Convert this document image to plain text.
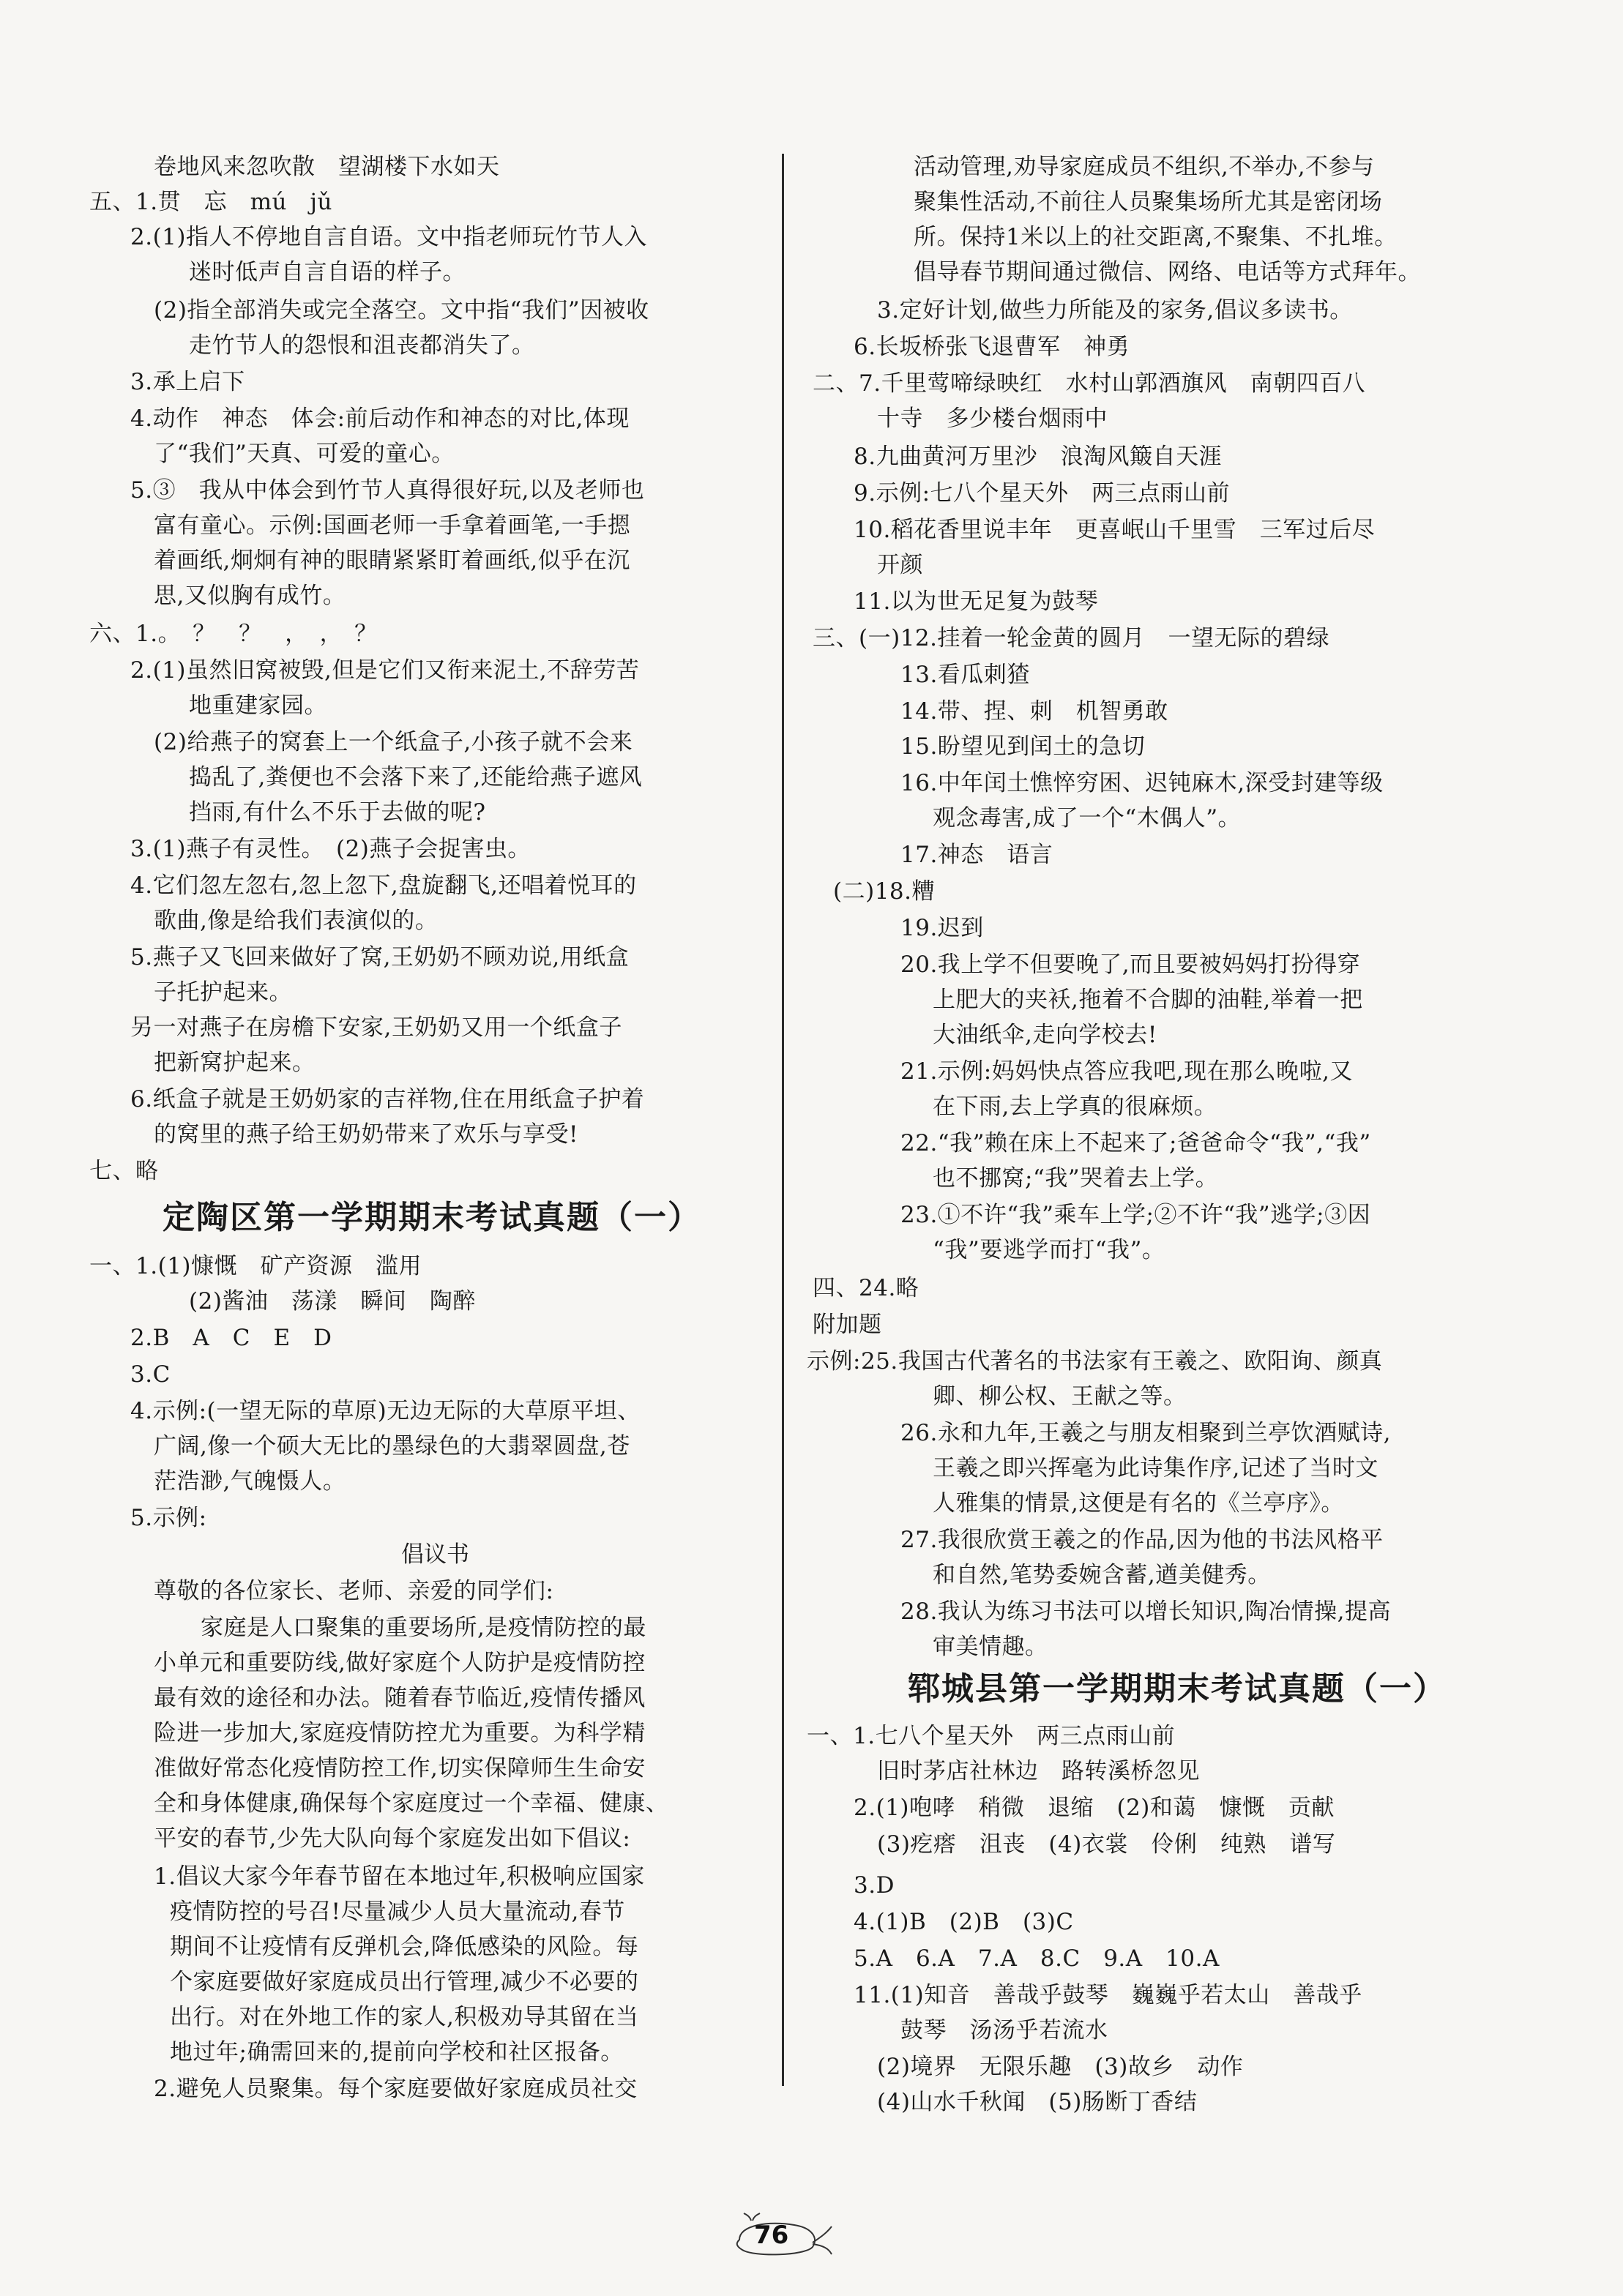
卷地风来忽吹散　望湖楼下水如天
五、1.贯　忘　mú　jǔ
2.(1)指人不停地自言自语。文中指老师玩竹节人入
迷时低声自言自语的样子。
(2)指全部消失或完全落空。文中指“我们”因被收
走竹节人的怨恨和沮丧都消失了。
3.承上启下
4.动作　神态　体会:前后动作和神态的对比,体现
了“我们”天真、可爱的童心。
5.③　我从中体会到竹节人真得很好玩,以及老师也
富有童心。示例:国画老师一手拿着画笔,一手摁
着画纸,炯炯有神的眼睛紧紧盯着画纸,似乎在沉
思,又似胸有成竹。
六、1.。　？　？　，　，　？
2.(1)虽然旧窝被毁,但是它们又衔来泥土,不辞劳苦
地重建家园。
(2)给燕子的窝套上一个纸盒子,小孩子就不会来
捣乱了,粪便也不会落下来了,还能给燕子遮风
挡雨,有什么不乐于去做的呢?
3.(1)燕子有灵性。　(2)燕子会捉害虫。
4.它们忽左忽右,忽上忽下,盘旋翻飞,还唱着悦耳的
歌曲,像是给我们表演似的。
5.燕子又飞回来做好了窝,王奶奶不顾劝说,用纸盒
子托护起来。
另一对燕子在房檐下安家,王奶奶又用一个纸盒子
把新窝护起来。
6.纸盒子就是王奶奶家的吉祥物,住在用纸盒子护着
的窝里的燕子给王奶奶带来了欢乐与享受!
七、略
定陶区第一学期期末考试真题（一）
一、1.(1)慷慨　矿产资源　滥用
(2)酱油　荡漾　瞬间　陶醉
2.B　A　C　E　D
3.C
4.示例:(一望无际的草原)无边无际的大草原平坦、
广阔,像一个硕大无比的墨绿色的大翡翠圆盘,苍
茫浩渺,气魄慑人。
5.示例:
倡议书
尊敬的各位家长、老师、亲爱的同学们:
家庭是人口聚集的重要场所,是疫情防控的最
小单元和重要防线,做好家庭个人防护是疫情防控
最有效的途径和办法。随着春节临近,疫情传播风
险进一步加大,家庭疫情防控尤为重要。为科学精
准做好常态化疫情防控工作,切实保障师生生命安
全和身体健康,确保每个家庭度过一个幸福、健康、
平安的春节,少先大队向每个家庭发出如下倡议:
1.倡议大家今年春节留在本地过年,积极响应国家
疫情防控的号召!尽量减少人员大量流动,春节
期间不让疫情有反弹机会,降低感染的风险。每
个家庭要做好家庭成员出行管理,减少不必要的
出行。对在外地工作的家人,积极劝导其留在当
地过年;确需回来的,提前向学校和社区报备。
2.避免人员聚集。每个家庭要做好家庭成员社交
活动管理,劝导家庭成员不组织,不举办,不参与
聚集性活动,不前往人员聚集场所尤其是密闭场
所。保持1米以上的社交距离,不聚集、不扎堆。
倡导春节期间通过微信、网络、电话等方式拜年。
3.定好计划,做些力所能及的家务,倡议多读书。
6.长坂桥张飞退曹军　神勇
二、7.千里莺啼绿映红　水村山郭酒旗风　南朝四百八
十寺　多少楼台烟雨中
8.九曲黄河万里沙　浪淘风簸自天涯
9.示例:七八个星天外　两三点雨山前
10.稻花香里说丰年　更喜岷山千里雪　三军过后尽
开颜
11.以为世无足复为鼓琴
三、(一)12.挂着一轮金黄的圆月　一望无际的碧绿
13.看瓜刺猹
14.带、捏、刺　机智勇敢
15.盼望见到闰土的急切
16.中年闰土憔悴穷困、迟钝麻木,深受封建等级
观念毒害,成了一个“木偶人”。
17.神态　语言
(二)18.糟
19.迟到
20.我上学不但要晚了,而且要被妈妈打扮得穿
上肥大的夹袄,拖着不合脚的油鞋,举着一把
大油纸伞,走向学校去!
21.示例:妈妈快点答应我吧,现在那么晚啦,又
在下雨,去上学真的很麻烦。
22.“我”赖在床上不起来了;爸爸命令“我”,“我”
也不挪窝;“我”哭着去上学。
23.①不许“我”乘车上学;②不许“我”逃学;③因
“我”要逃学而打“我”。
四、24.略
附加题
示例:25.我国古代著名的书法家有王羲之、欧阳询、颜真
卿、柳公权、王献之等。
26.永和九年,王羲之与朋友相聚到兰亭饮酒赋诗,
王羲之即兴挥毫为此诗集作序,记述了当时文
人雅集的情景,这便是有名的《兰亭序》。
27.我很欣赏王羲之的作品,因为他的书法风格平
和自然,笔势委婉含蓄,遒美健秀。
28.我认为练习书法可以增长知识,陶冶情操,提高
审美情趣。
郓城县第一学期期末考试真题（一）
一、1.七八个星天外　两三点雨山前
旧时茅店社林边　路转溪桥忽见
2.(1)咆哮　稍微　退缩　(2)和蔼　慷慨　贡献
(3)疙瘩　沮丧　(4)衣裳　伶俐　纯熟　谱写
3.D
4.(1)B　(2)B　(3)C
5.A　6.A　7.A　8.C　9.A　10.A
11.(1)知音　善哉乎鼓琴　巍巍乎若太山　善哉乎
鼓琴　汤汤乎若流水
(2)境界　无限乐趣　(3)故乡　动作
(4)山水千秋闻　(5)肠断丁香结
76
